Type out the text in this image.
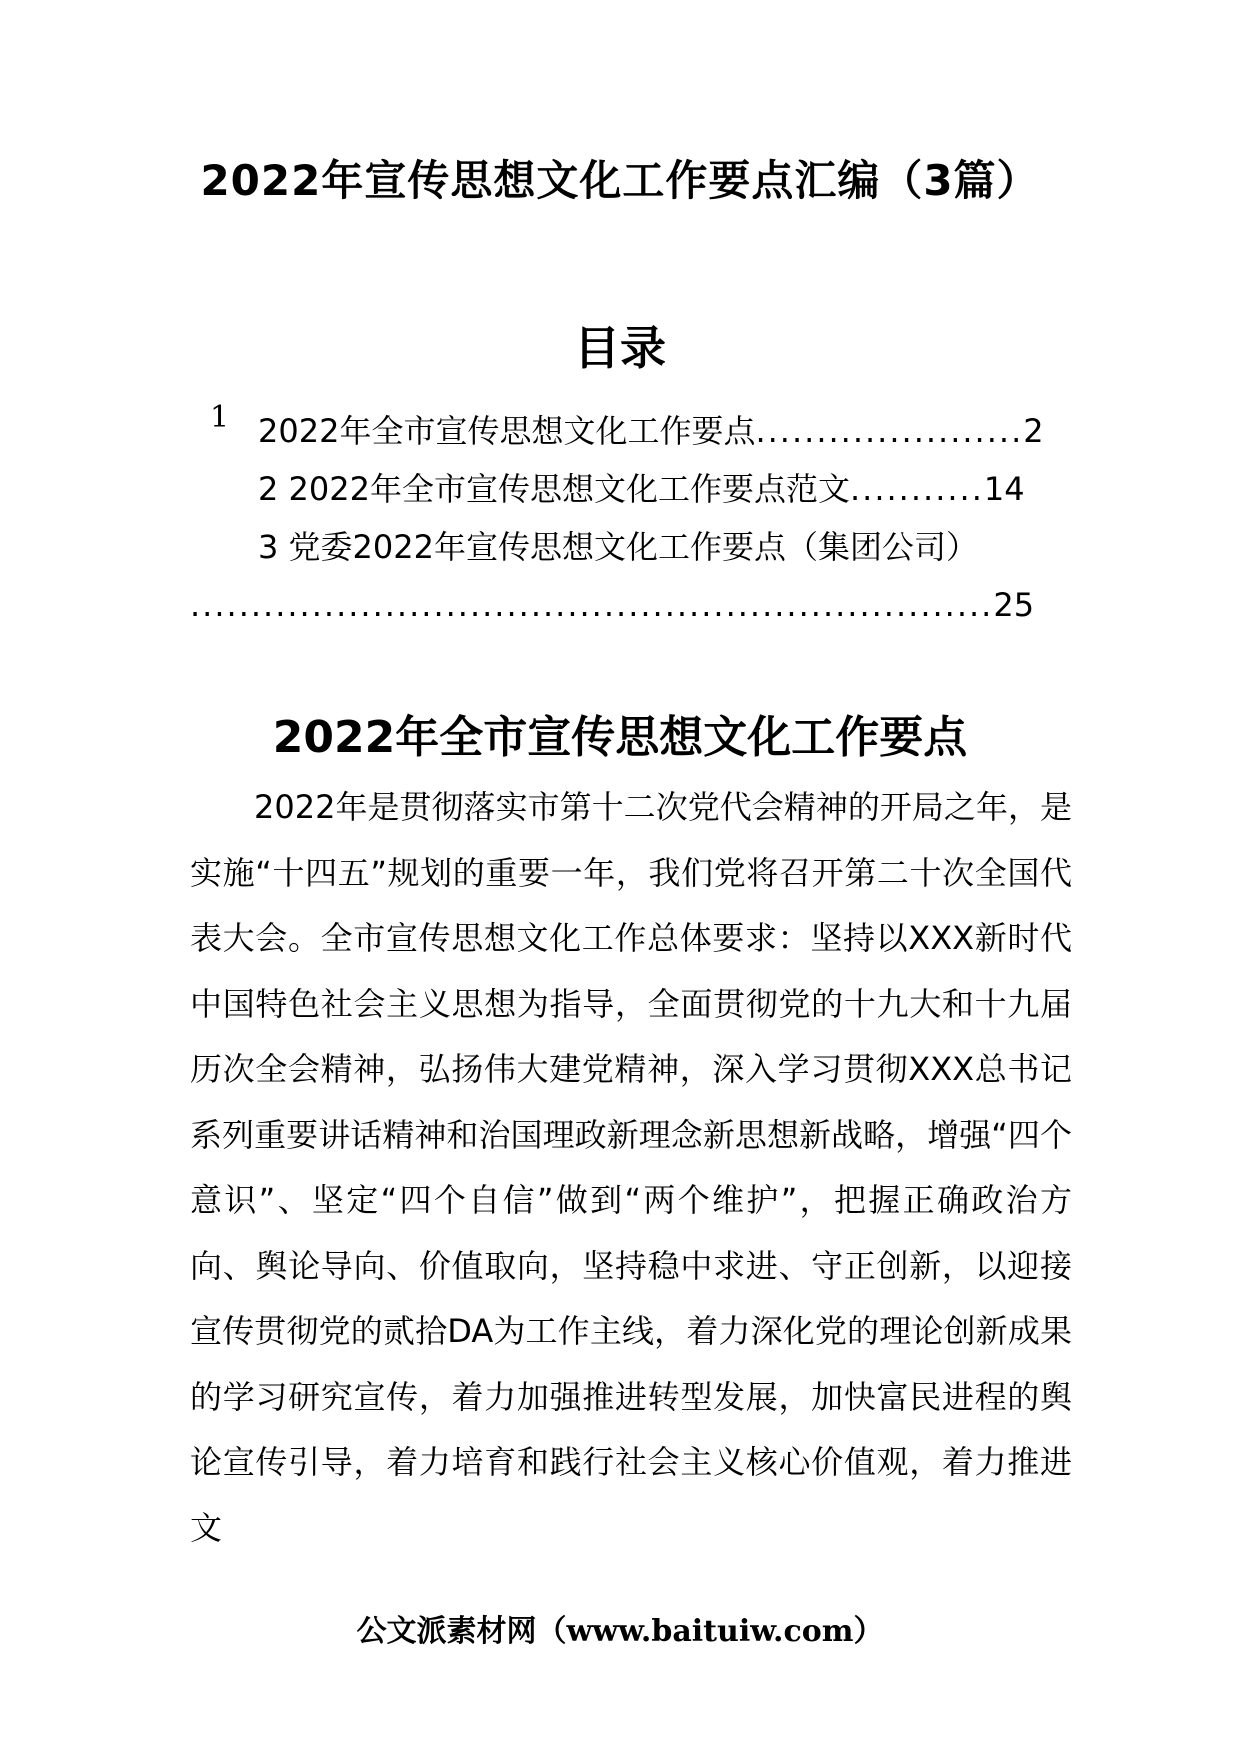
2022年宣传思想文化工作要点汇编（3篇）
目录
1 2022年全市宣传思想文化工作要点 ...................... 2
2 2022年全市宣传思想文化工作要点范文 ........... 14
3 党委2022年宣传思想文化工作要点（集团公司）
.................................................................. 25
2022年全市宣传思想文化工作要点

2022年是贯彻落实市第十二次党代会精神的开局之年，是实施“十四五”规划的重要一年，我们党将召开第二十次全国代表大会。全市宣传思想文化工作总体要求：坚持以XXX新时代中国特色社会主义思想为指导，全面贯彻党的十九大和十九届历次全会精神，弘扬伟大建党精神，深入学习贯彻XXX总书记系列重要讲话精神和治国理政新理念新思想新战略，增强“四个意识”、坚定“四个自信”做到“两个维护”，把握正确政治方向、舆论导向、价值取向，坚持稳中求进、守正创新，以迎接宣传贯彻党的贰拾DA为工作主线，着力深化党的理论创新成果的学习研究宣传，着力加强推进转型发展，加快富民进程的舆论宣传引导，着力培育和践行社会主义核心价值观，着力推进文

公文派素材网（www.baituiw.com）
